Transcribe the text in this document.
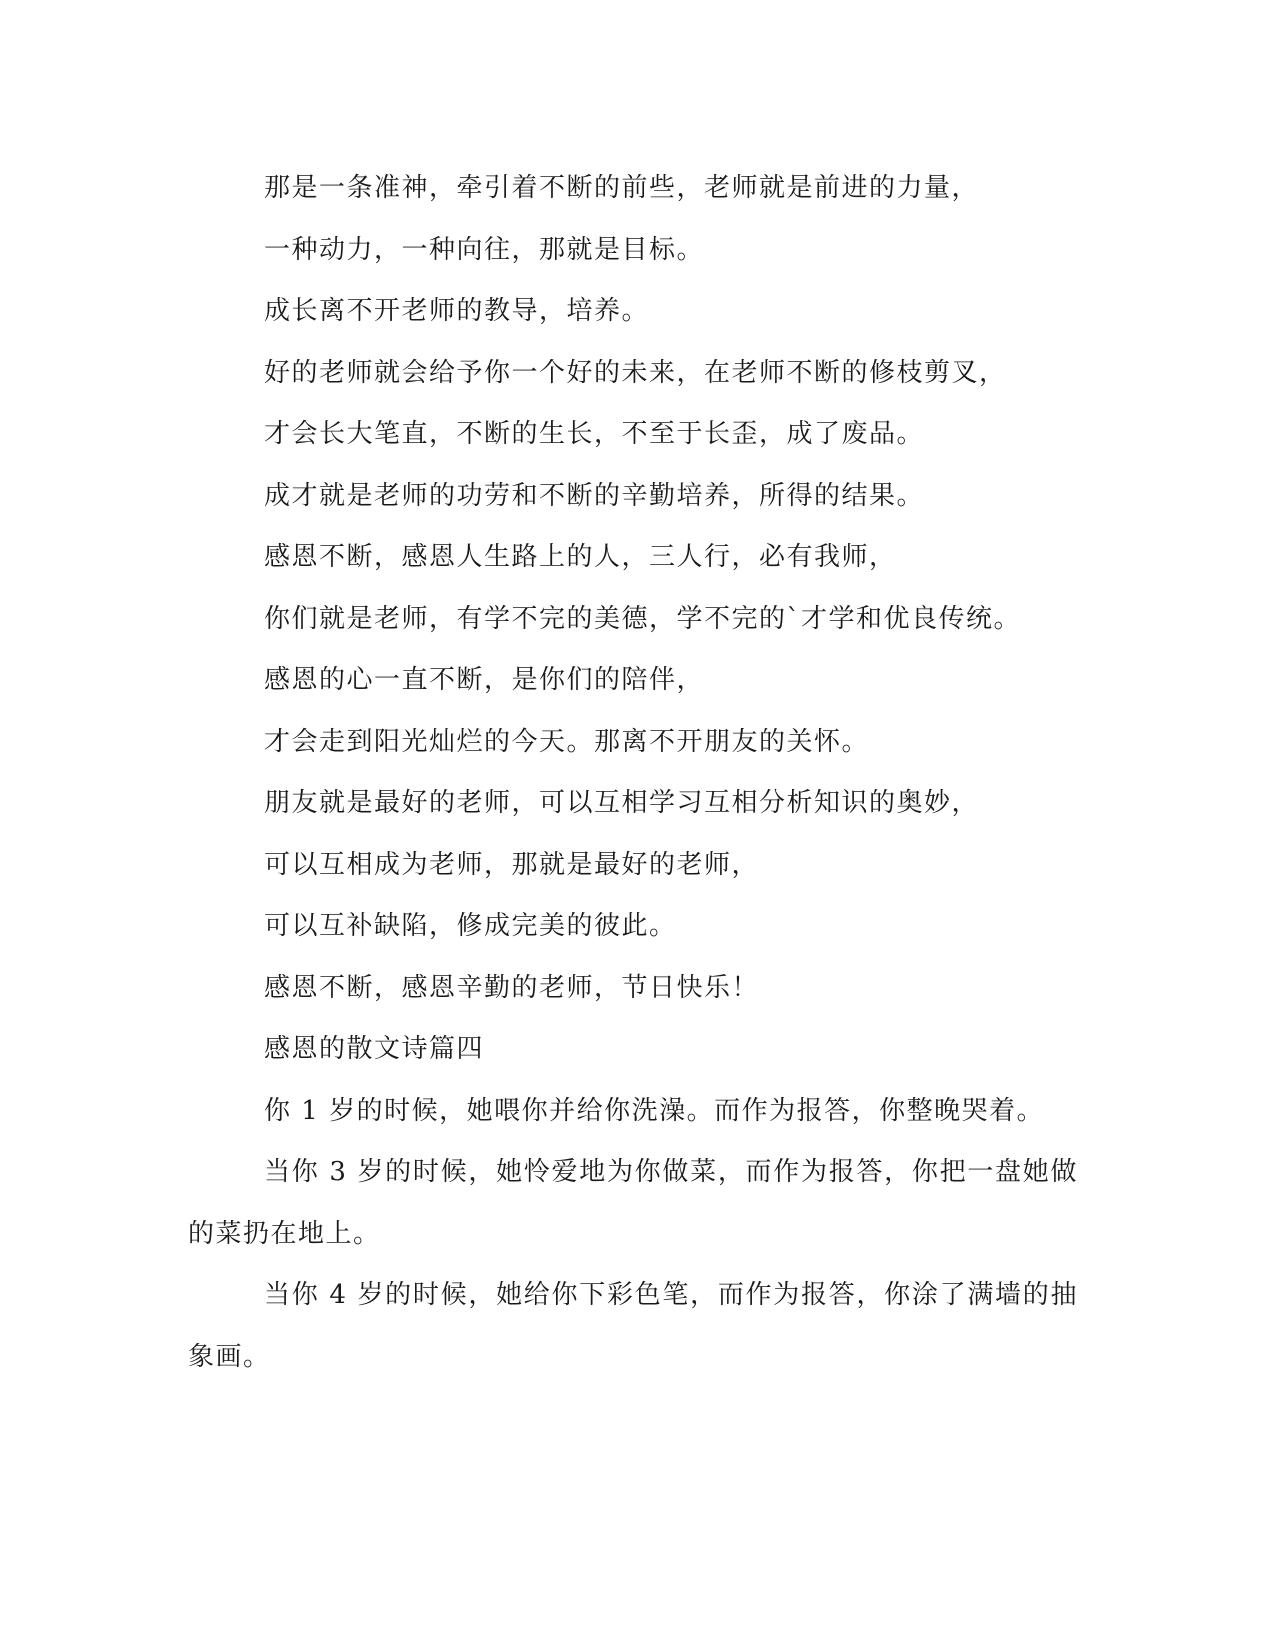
那是一条准神，牵引着不断的前些，老师就是前进的力量，

一种动力，一种向往，那就是目标。

成长离不开老师的教导，培养。

好的老师就会给予你一个好的未来，在老师不断的修枝剪叉，

才会长大笔直，不断的生长，不至于长歪，成了废品。

成才就是老师的功劳和不断的辛勤培养，所得的结果。

感恩不断，感恩人生路上的人，三人行，必有我师，

你们就是老师，有学不完的美德，学不完的`才学和优良传统。

感恩的心一直不断，是你们的陪伴，

才会走到阳光灿烂的今天。那离不开朋友的关怀。

朋友就是最好的老师，可以互相学习互相分析知识的奥妙，

可以互相成为老师，那就是最好的老师，

可以互补缺陷，修成完美的彼此。

感恩不断，感恩辛勤的老师，节日快乐！

感恩的散文诗篇四

你 1 岁的时候，她喂你并给你洗澡。而作为报答，你整晚哭着。

当你 3 岁的时候，她怜爱地为你做菜，而作为报答，你把一盘她做的菜扔在地上。

当你 4 岁的时候，她给你下彩色笔，而作为报答，你涂了满墙的抽象画。
